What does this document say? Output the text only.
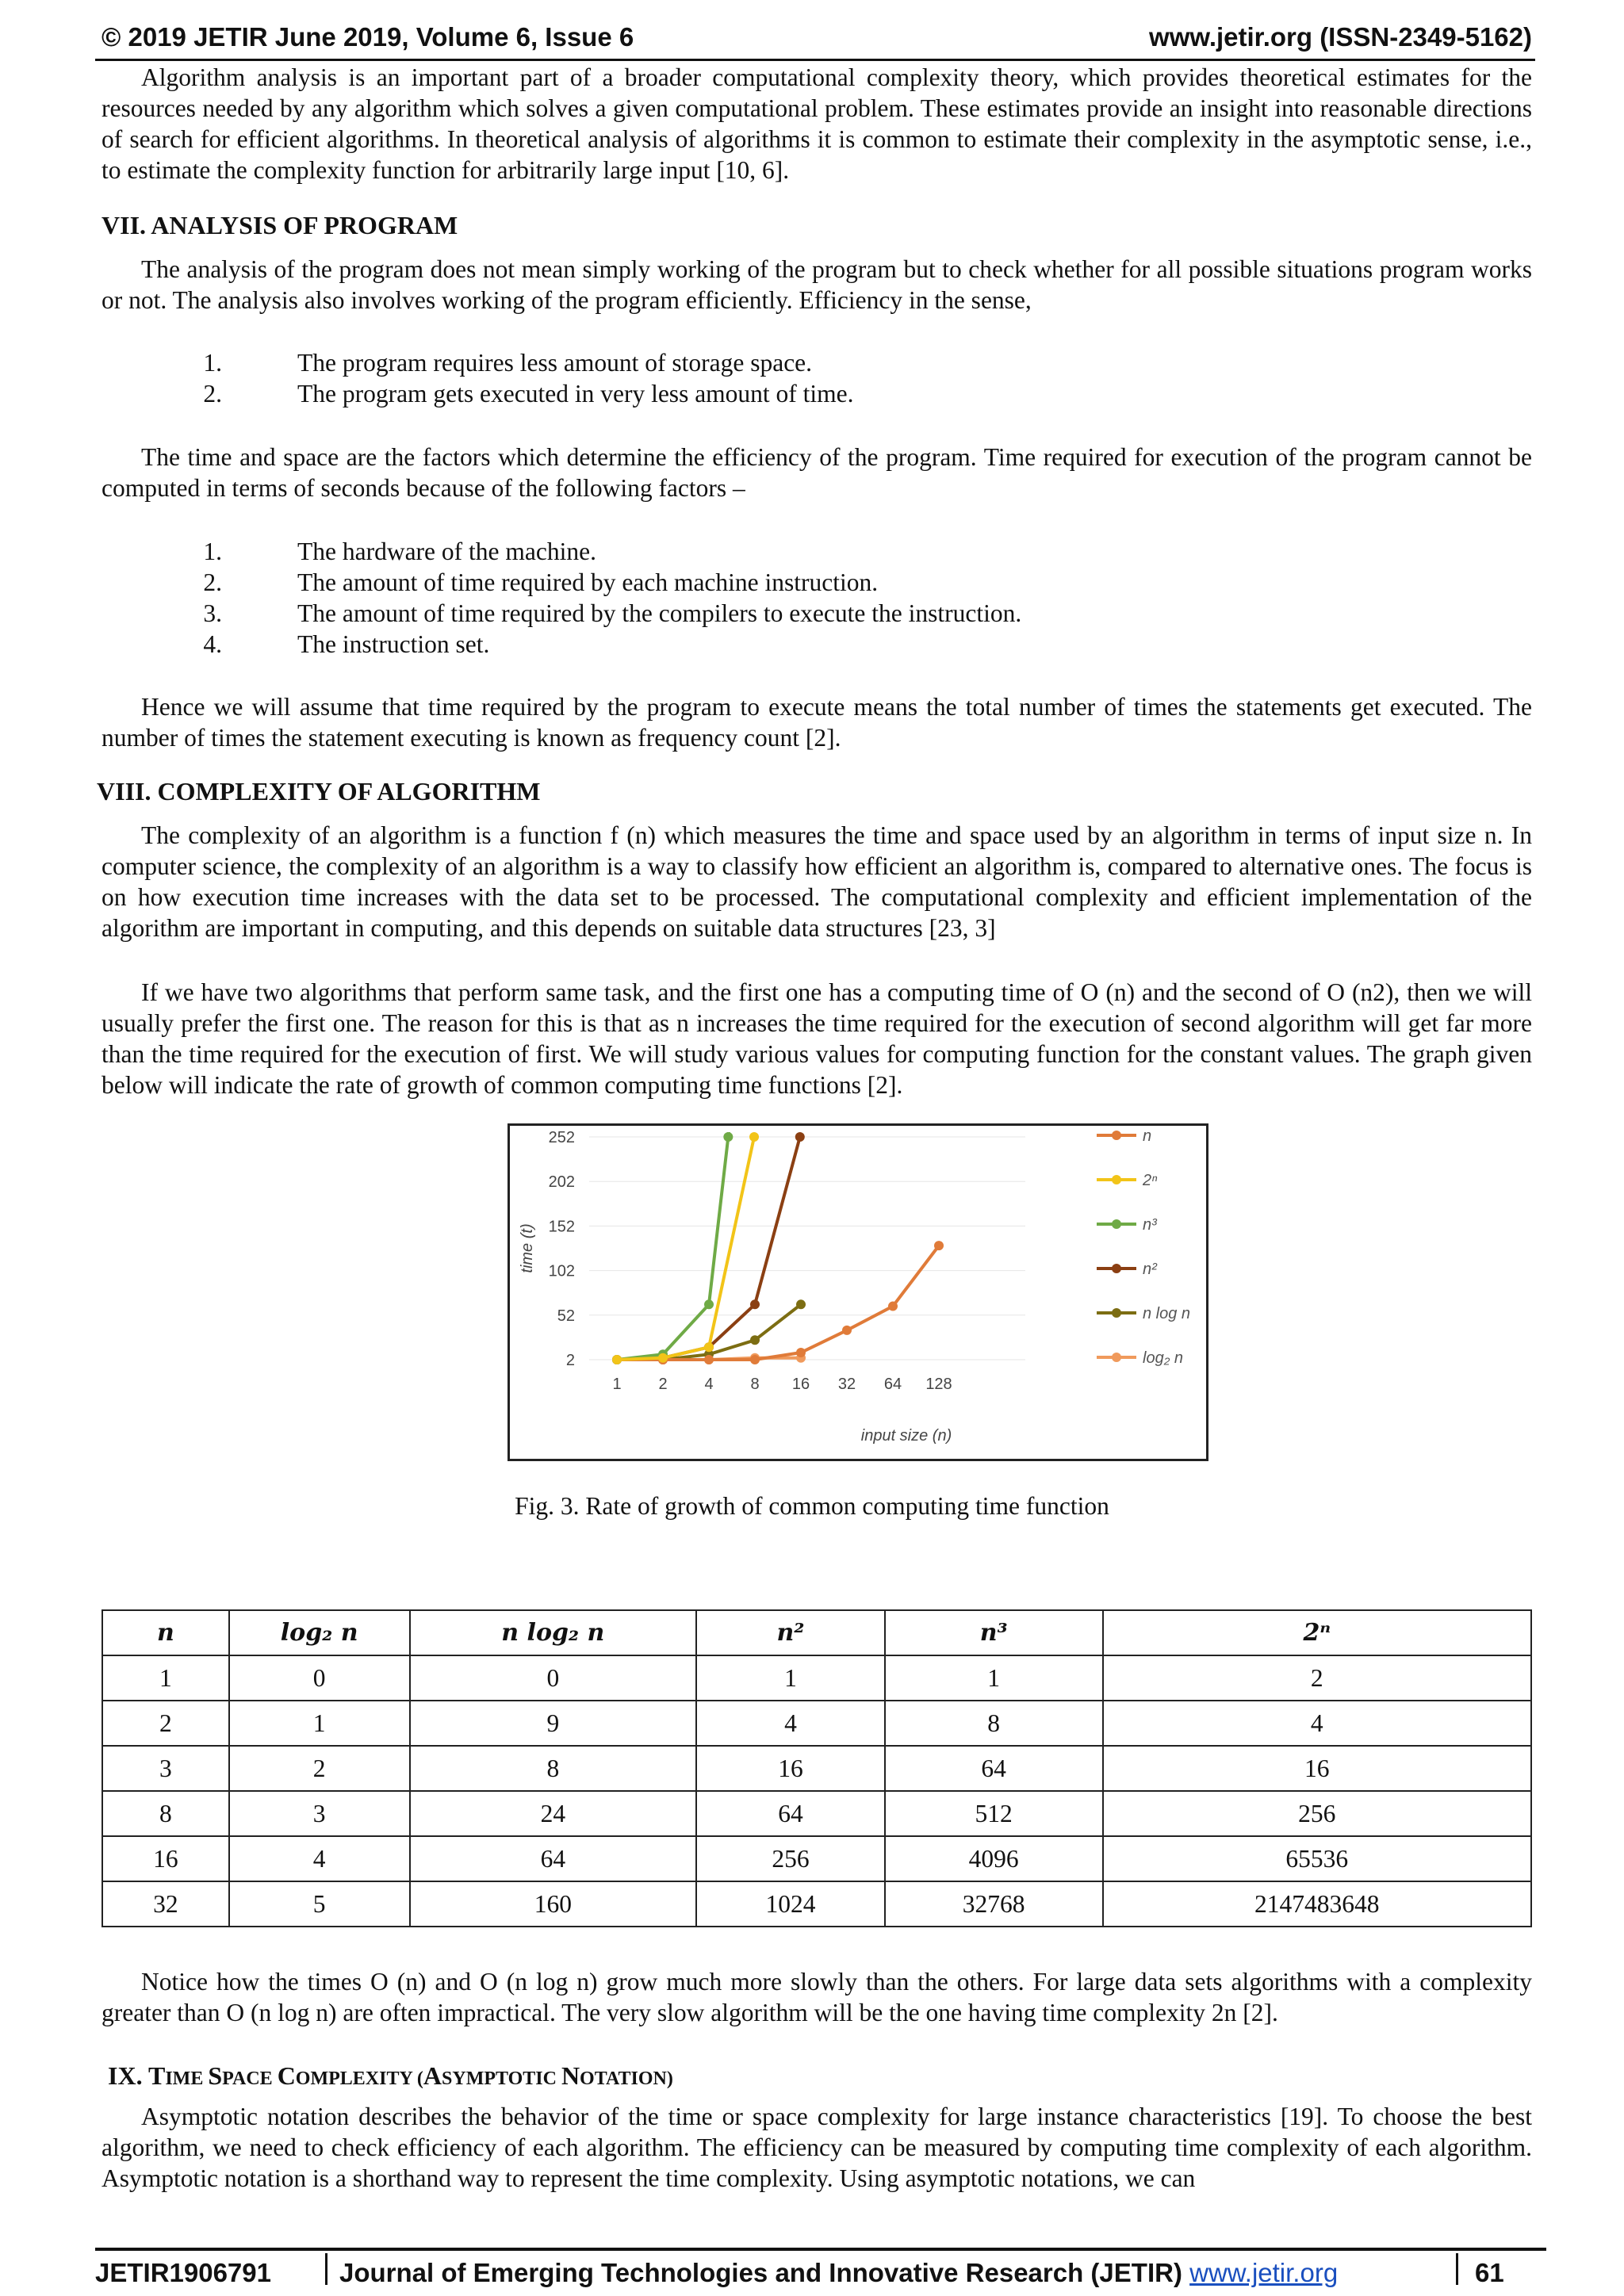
© 2019 JETIR June 2019, Volume 6, Issue 6	www.jetir.org (ISSN-2349-5162)

Algorithm analysis is an important part of a broader computational complexity theory, which provides theoretical estimates for the resources needed by any algorithm which solves a given computational problem. These estimates provide an insight into reasonable directions of search for efficient algorithms. In theoretical analysis of algorithms it is common to estimate their complexity in the asymptotic sense, i.e., to estimate the complexity function for arbitrarily large input [10, 6].

VII. ANALYSIS OF PROGRAM

The analysis of the program does not mean simply working of the program but to check whether for all possible situations program works or not. The analysis also involves working of the program efficiently. Efficiency in the sense,

1.	The program requires less amount of storage space.
2.	The program gets executed in very less amount of time.

The time and space are the factors which determine the efficiency of the program. Time required for execution of the program cannot be computed in terms of seconds because of the following factors –

1.	The hardware of the machine.
2.	The amount of time required by each machine instruction.
3.	The amount of time required by the compilers to execute the instruction.
4.	The instruction set.

Hence we will assume that time required by the program to execute means the total number of times the statements get executed. The number of times the statement executing is known as frequency count [2].

VIII. COMPLEXITY OF ALGORITHM

The complexity of an algorithm is a function f (n) which measures the time and space used by an algorithm in terms of input size n. In computer science, the complexity of an algorithm is a way to classify how efficient an algorithm is, compared to alternative ones. The focus is on how execution time increases with the data set to be processed. The computational complexity and efficient implementation of the algorithm are important in computing, and this depends on suitable data structures [23, 3]

If we have two algorithms that perform same task, and the first one has a computing time of O (n) and the second of O (n2), then we will usually prefer the first one. The reason for this is that as n increases the time required for the execution of second algorithm will get far more than the time required for the execution of first. We will study various values for computing function for the constant values. The graph given below will indicate the rate of growth of common computing time functions [2].

2
52
102
152
202
252
1 2 4 8 16 32 64 128
time (t)
input size (n)
n
2ⁿ
n³
n²
n log n
log₂ n
Fig. 3. Rate of growth of common computing time function
n	log₂ n	n log₂ n	n²	n³	2ⁿ
1	0	0	1	1	2
2	1	9	4	8	4
3	2	8	16	64	16
8	3	24	64	512	256
16	4	64	256	4096	65536
32	5	160	1024	32768	2147483648

Notice how the times O (n) and O (n log n) grow much more slowly than the others. For large data sets algorithms with a complexity greater than O (n log n) are often impractical. The very slow algorithm will be the one having time complexity 2n [2].

IX. TIME SPACE COMPLEXITY (ASYMPTOTIC NOTATION)

Asymptotic notation describes the behavior of the time or space complexity for large instance characteristics [19]. To choose the best algorithm, we need to check efficiency of each algorithm. The efficiency can be measured by computing time complexity of each algorithm. Asymptotic notation is a shorthand way to represent the time complexity. Using asymptotic notations, we can

JETIR1906791	Journal of Emerging Technologies and Innovative Research (JETIR) www.jetir.org	61
